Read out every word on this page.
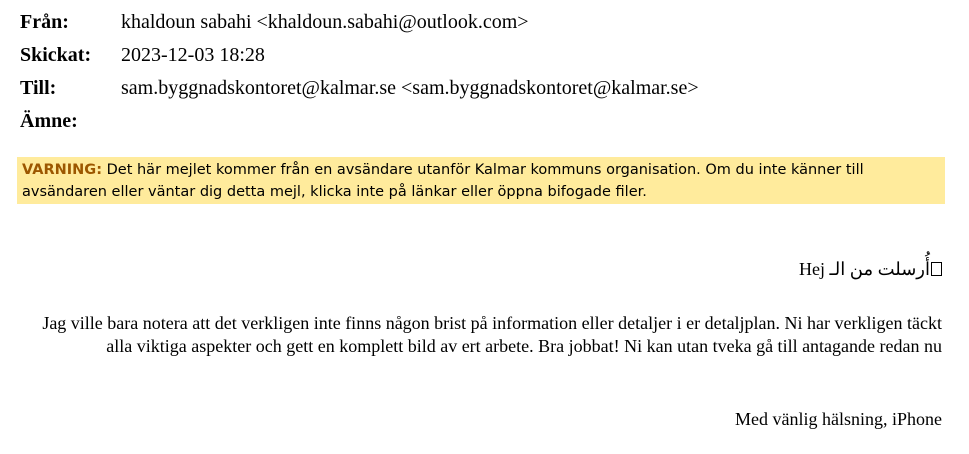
Från:	khaldoun sabahi <khaldoun.sabahi@outlook.com>
Skickat:	2023-12-03 18:28
Till:	sam.byggnadskontoret@kalmar.se <sam.byggnadskontoret@kalmar.se>
Ämne:
VARNING: Det här mejlet kommer från en avsändare utanför Kalmar kommuns organisation. Om du inte känner till avsändaren eller väntar dig detta mejl, klicka inte på länkar eller öppna bifogade filer.
Hej أُرسلت من الـ
Jag ville bara notera att det verkligen inte finns någon brist på information eller detaljer i er detaljplan. Ni har verkligen täckt alla viktiga aspekter och gett en komplett bild av ert arbete. Bra jobbat! Ni kan utan tveka gå till antagande redan nu
Med vänlig hälsning, iPhone
